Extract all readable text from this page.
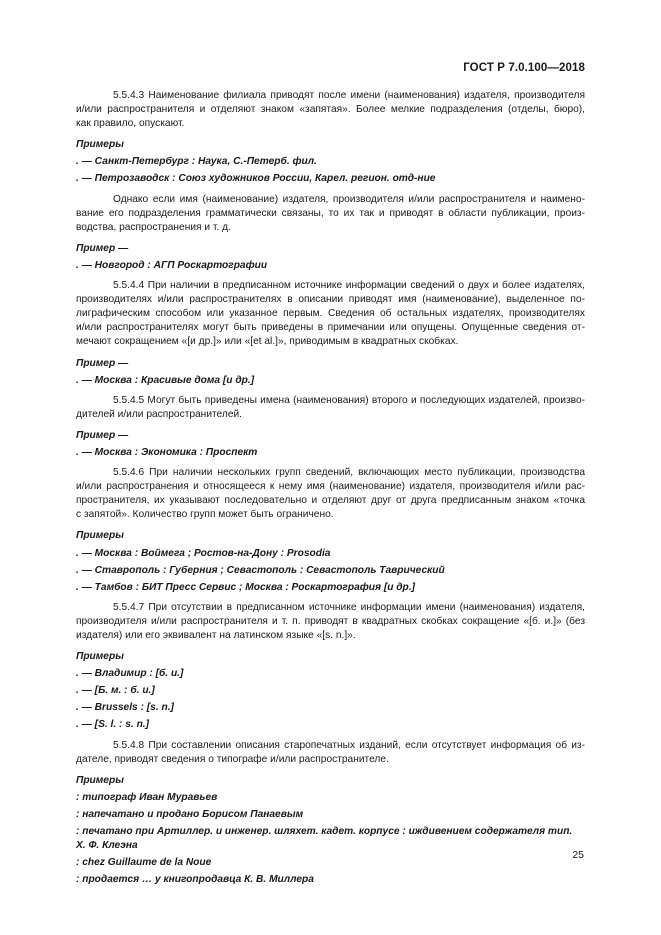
ГОСТ Р 7.0.100—2018
5.5.4.3 Наименование филиала приводят после имени (наименования) издателя, производителя
и/или распространителя и отделяют знаком «запятая». Более мелкие подразделения (отделы, бюро),
как правило, опускают.
Примеры
. — Санкт-Петербург : Наука, С.-Петерб. фил.
. — Петрозаводск : Союз художников России, Карел. регион. отд-ние
Однако если имя (наименование) издателя, производителя и/или распространителя и наимено-
вание его подразделения грамматически связаны, то их так и приводят в области публикации, произ-
водства, распространения и т. д.
Пример —
. — Новгород : АГП Роскартографии
5.5.4.4 При наличии в предписанном источнике информации сведений о двух и более издателях,
производителях и/или распространителях в описании приводят имя (наименование), выделенное по-
лиграфическим способом или указанное первым. Сведения об остальных издателях, производителях
и/или распространителях могут быть приведены в примечании или опущены. Опущенные сведения от-
мечают сокращением «[и др.]» или «[et al.]», приводимым в квадратных скобках.
Пример —
. — Москва : Красивые дома [и др.]
5.5.4.5 Могут быть приведены имена (наименования) второго и последующих издателей, произво-
дителей и/или распространителей.
Пример —
. — Москва : Экономика : Проспект
5.5.4.6 При наличии нескольких групп сведений, включающих место публикации, производства
и/или распространения и относящееся к нему имя (наименование) издателя, производителя и/или рас-
пространителя, их указывают последовательно и отделяют друг от друга предписанным знаком «точка
с запятой». Количество групп может быть ограничено.
Примеры
. — Москва : Воймега ; Ростов-на-Дону : Prosodia
. — Ставрополь : Губерния ; Севастополь : Севастополь Таврический
. — Тамбов : БИТ Пресс Сервис ; Москва : Роскартография [и др.]
5.5.4.7 При отсутствии в предписанном источнике информации имени (наименования) издателя,
производителя и/или распространителя и т. п. приводят в квадратных скобках сокращение «[б. и.]» (без
издателя) или его эквивалент на латинском языке «[s. n.]».
Примеры
. — Владимир : [б. и.]
. — [Б. м. : б. и.]
. — Brussels : [s. n.]
. — [S. l. : s. n.]
5.5.4.8 При составлении описания старопечатных изданий, если отсутствует информация об из-
дателе, приводят сведения о типографе и/или распространителе.
Примеры
: типограф Иван Муравьев
: напечатано и продано Борисом Панаевым
: печатано при Артиллер. и инженер. шляхет. кадет. корпусе : иждивением содержателя тип.
Х. Ф. Клеэна
: chez Guillaume de la Noue
: продается … у книгопродавца К. В. Миллера
25
